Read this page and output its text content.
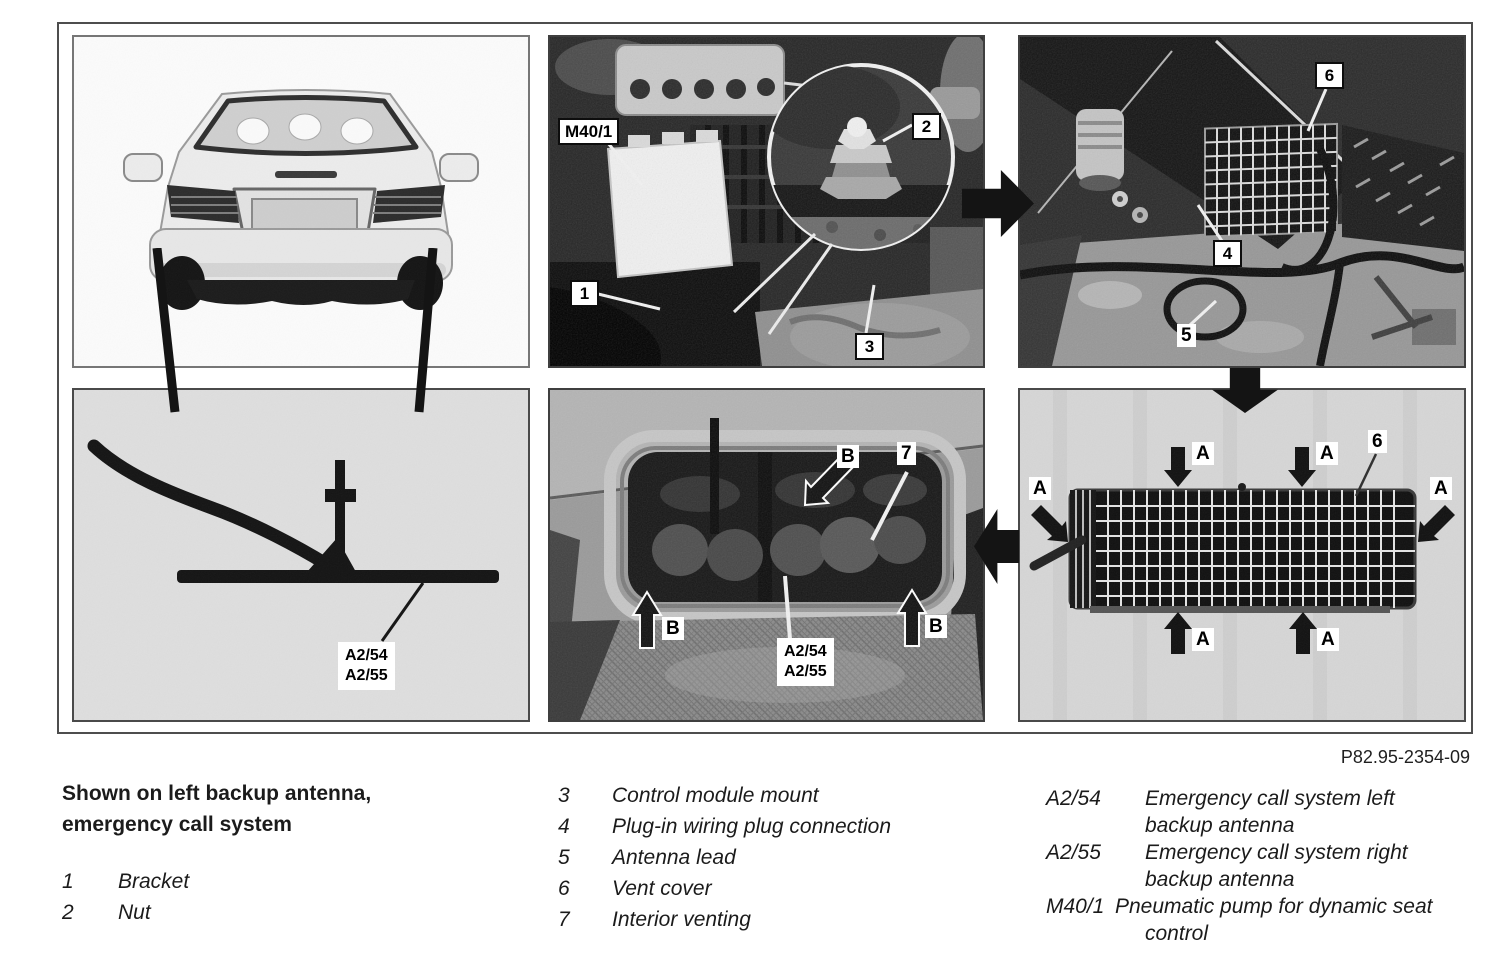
M40/1
1
2
3
6
4
5
A2/54
A2/55
B 7
B	B
A2/54
A2/55
A	A
A	A
A	A
6
P82.95-2354-09
Shown on left backup antenna,
emergency call system
1	Bracket
2	Nut
3	Control module mount
4	Plug-in wiring plug connection
5	Antenna lead
6	Vent cover
7	Interior venting
A2/54	Emergency call system left backup antenna
A2/55	Emergency call system right backup antenna
M40/1 Pneumatic pump for dynamic seat control
